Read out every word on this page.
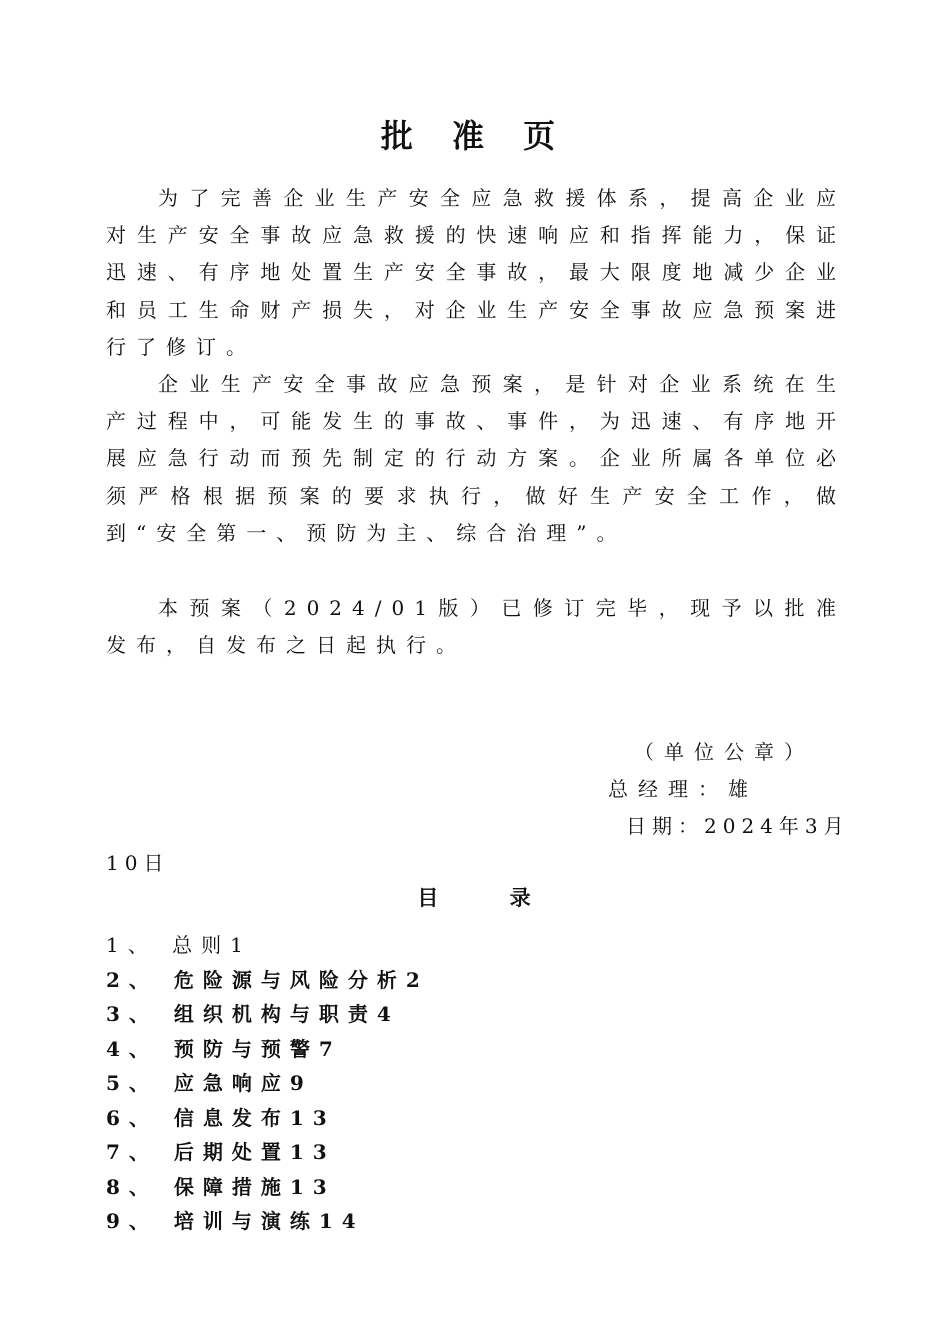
批 准 页

为了完善企业生产安全应急救援体系，提高企业应对生产安全事故应急救援的快速响应和指挥能力，保证迅速、有序地处置生产安全事故，最大限度地减少企业和员工生命财产损失，对企业生产安全事故应急预案进行了修订。

企业生产安全事故应急预案，是针对企业系统在生产过程中，可能发生的事故、事件，为迅速、有序地开展应急行动而预先制定的行动方案。企业所属各单位必须严格根据预案的要求执行，做好生产安全工作，做到“安全第一、预防为主、综合治理”。

本预案（2024/01版）已修订完毕，现予以批准发布，自发布之日起执行。

（单位公章）
总经理：雄
日期：2024年3月
10日
目 录
1、 总则1
2、 危险源与风险分析2
3、 组织机构与职责4
4、 预防与预警7
5、 应急响应9
6、 信息发布13
7、 后期处置13
8、 保障措施13
9、 培训与演练14
